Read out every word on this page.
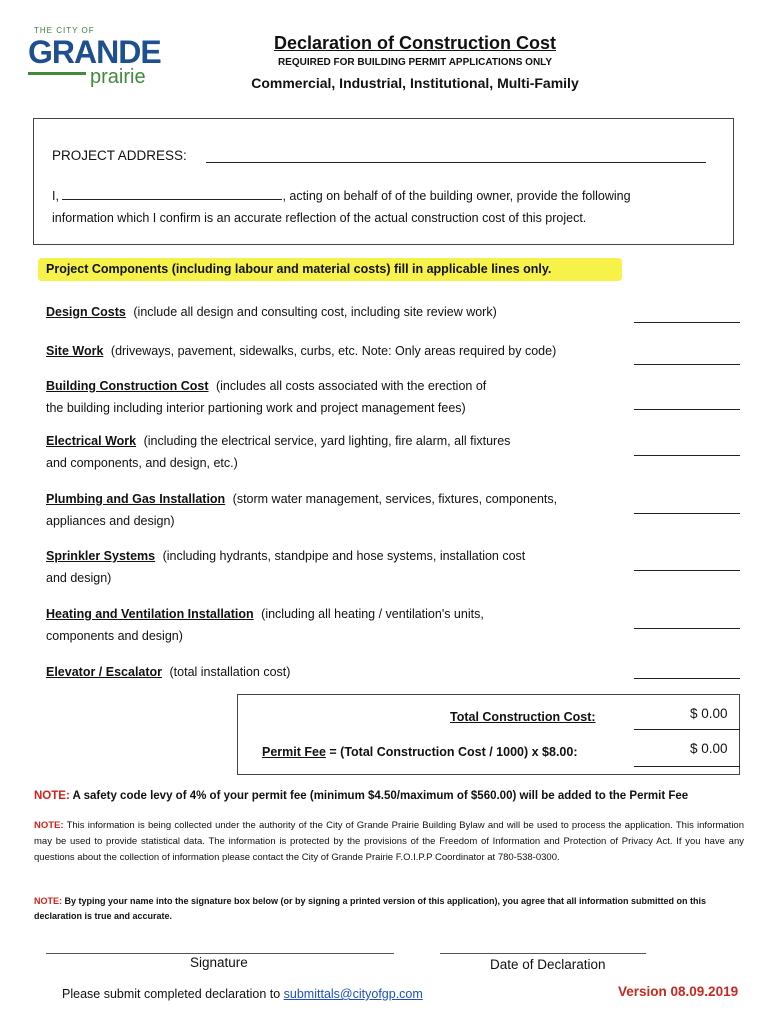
THE CITY OF
GRANDE
prairie
Declaration of Construction Cost
REQUIRED FOR BUILDING PERMIT APPLICATIONS ONLY
Commercial, Industrial, Institutional, Multi-Family
PROJECT ADDRESS:
I,	, acting on behalf of of the building owner, provide the following
information which I confirm is an accurate reflection of the actual construction cost of this project.
Project Components (including labour and material costs) fill in applicable lines only.
Design Costs (include all design and consulting cost, including site review work)
Site Work (driveways, pavement, sidewalks, curbs, etc. Note: Only areas required by code)
Building Construction Cost (includes all costs associated with the erection of
the building including interior partioning work and project management fees)
Electrical Work (including the electrical service, yard lighting, fire alarm, all fixtures
and components, and design, etc.)
Plumbing and Gas Installation (storm water management, services, fixtures, components,
appliances and design)
Sprinkler Systems (including hydrants, standpipe and hose systems, installation cost
and design)
Heating and Ventilation Installation (including all heating / ventilation's units,
components and design)
Elevator / Escalator (total installation cost)
Total Construction Cost:	$ 0.00
Permit Fee = (Total Construction Cost / 1000) x $8.00:	$ 0.00
NOTE: A safety code levy of 4% of your permit fee (minimum $4.50/maximum of $560.00) will be added to the Permit Fee
NOTE: This information is being collected under the authority of the City of Grande Prairie Building Bylaw and will be used to process the application. This information may be used to provide statistical data. The information is protected by the provisions of the Freedom of Information and Protection of Privacy Act. If you have any questions about the collection of information please contact the City of Grande Prairie F.O.I.P.P Coordinator at 780-538-0300.
NOTE: By typing your name into the signature box below (or by signing a printed version of this application), you agree that all information submitted on this declaration is true and accurate.
Signature	Date of Declaration
Please submit completed declaration to submittals@cityofgp.com	Version 08.09.2019
